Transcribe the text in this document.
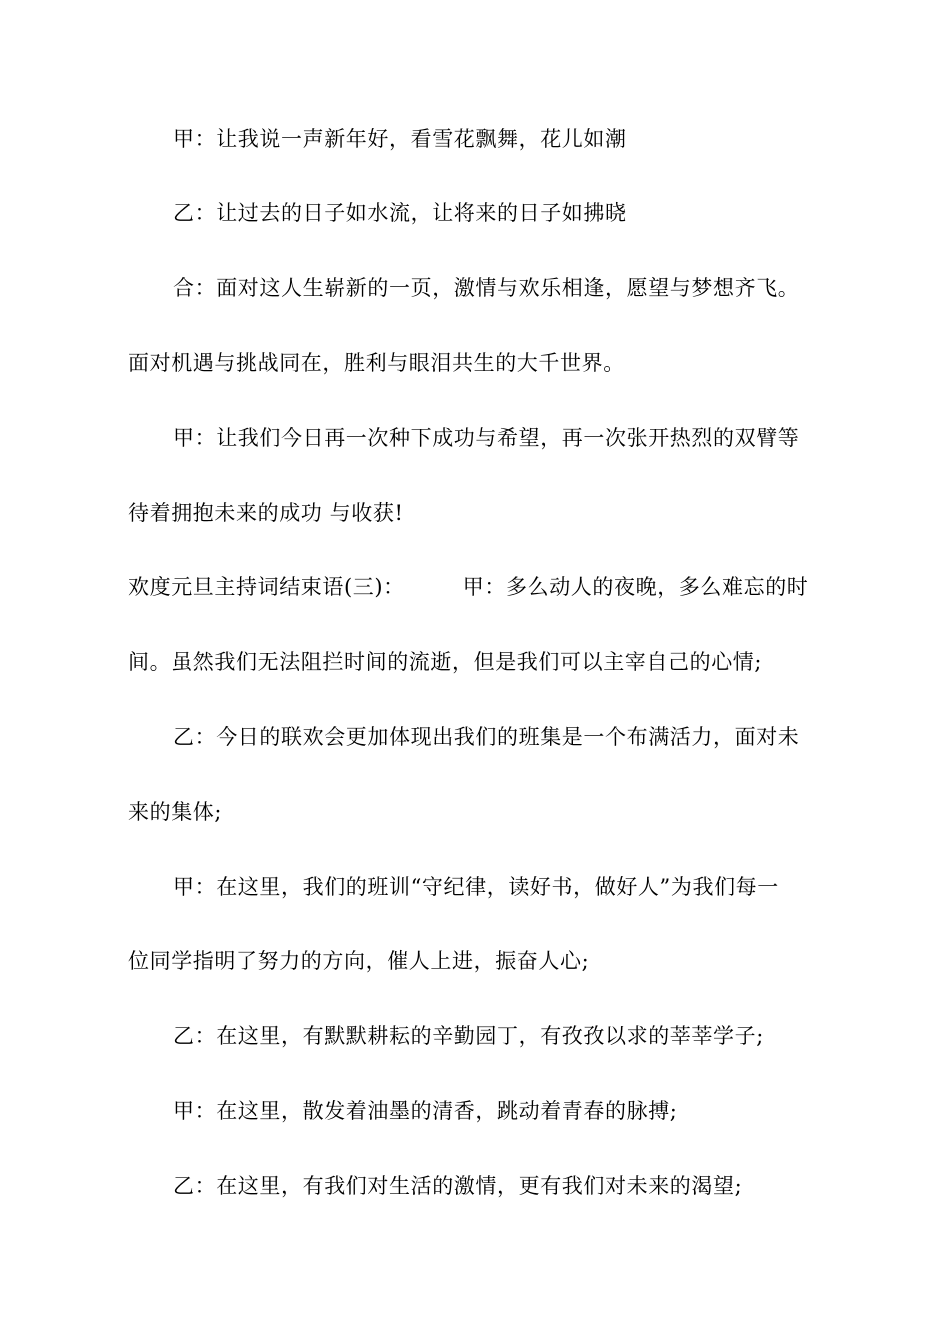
甲：让我说一声新年好，看雪花飘舞，花儿如潮
乙：让过去的日子如水流，让将来的日子如拂晓
合：面对这人生崭新的一页，激情与欢乐相逢，愿望与梦想齐飞。
面对机遇与挑战同在，胜利与眼泪共生的大千世界。
甲：让我们今日再一次种下成功与希望，再一次张开热烈的双臂等
待着拥抱未来的成功 与收获!
欢度元旦主持词结束语(三)：	甲：多么动人的夜晚，多么难忘的时
间。虽然我们无法阻拦时间的流逝，但是我们可以主宰自己的心情;
乙：今日的联欢会更加体现出我们的班集是一个布满活力，面对未
来的集体;
甲：在这里，我们的班训“守纪律，读好书，做好人”为我们每一
位同学指明了努力的方向，催人上进，振奋人心;
乙：在这里，有默默耕耘的辛勤园丁，有孜孜以求的莘莘学子;
甲：在这里，散发着油墨的清香，跳动着青春的脉搏;
乙：在这里，有我们对生活的激情，更有我们对未来的渴望;
